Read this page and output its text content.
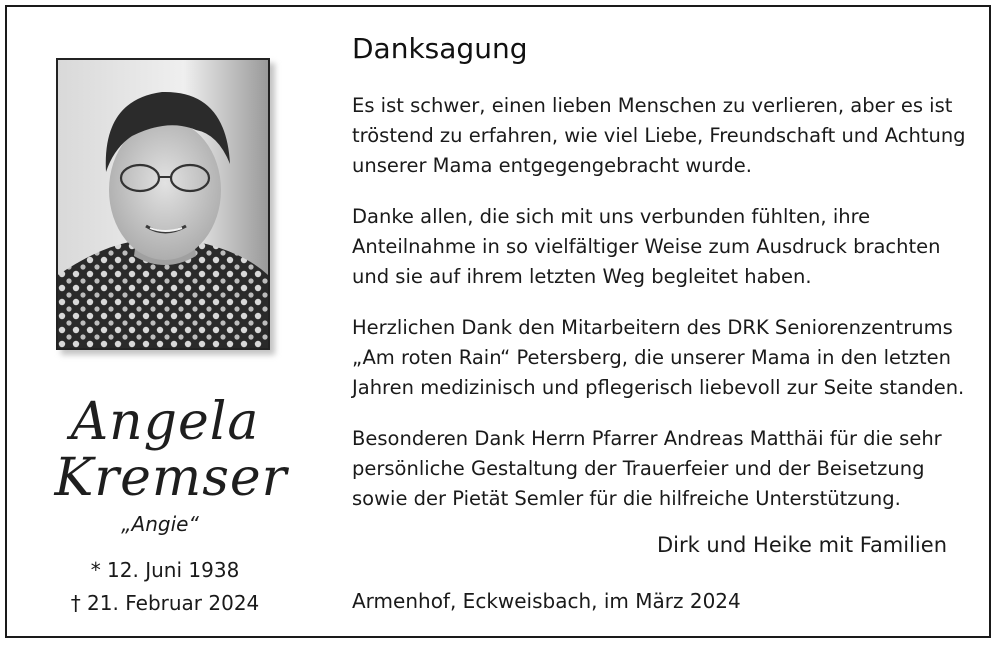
Angela
Kremser
„Angie“
* 12. Juni 1938
† 21. Februar 2024
Danksagung

Es ist schwer, einen lieben Menschen zu verlieren, aber es ist tröstend zu erfahren, wie viel Liebe, Freundschaft und Achtung unserer Mama entgegengebracht wurde.

Danke allen, die sich mit uns verbunden fühlten, ihre Anteilnahme in so vielfältiger Weise zum Ausdruck brachten und sie auf ihrem letzten Weg begleitet haben.

Herzlichen Dank den Mitarbeitern des DRK Seniorenzentrums „Am roten Rain“ Petersberg, die unserer Mama in den letzten Jahren medizinisch und pflegerisch liebevoll zur Seite standen.

Besonderen Dank Herrn Pfarrer Andreas Matthäi für die sehr persönliche Gestaltung der Trauerfeier und der Beisetzung sowie der Pietät Semler für die hilfreiche Unterstützung.

Dirk und Heike mit Familien
Armenhof, Eckweisbach, im März 2024
